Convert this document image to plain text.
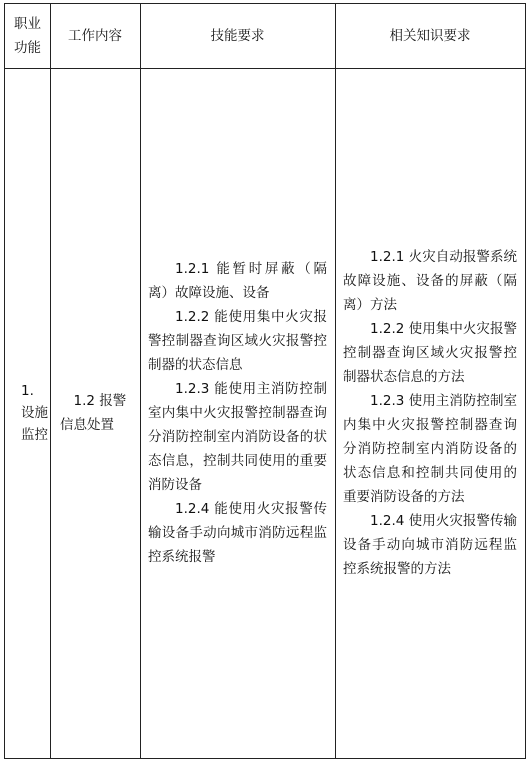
职业
功能
工作内容	技能要求	相关知识要求
1.
设施
监控
1.2 报警
信息处置

1.2.1 能暂时屏蔽（隔离）故障设施、设备

1.2.2 能使用集中火灾报警控制器查询区域火灾报警控制器的状态信息

1.2.3 能使用主消防控制室内集中火灾报警控制器查询分消防控制室内消防设备的状态信息，控制共同使用的重要消防设备

1.2.4 能使用火灾报警传输设备手动向城市消防远程监控系统报警

1.2.1 火灾自动报警系统故障设施、设备的屏蔽（隔离）方法

1.2.2 使用集中火灾报警控制器查询区域火灾报警控制器状态信息的方法

1.2.3 使用主消防控制室内集中火灾报警控制器查询分消防控制室内消防设备的状态信息和控制共同使用的重要消防设备的方法

1.2.4 使用火灾报警传输设备手动向城市消防远程监控系统报警的方法
